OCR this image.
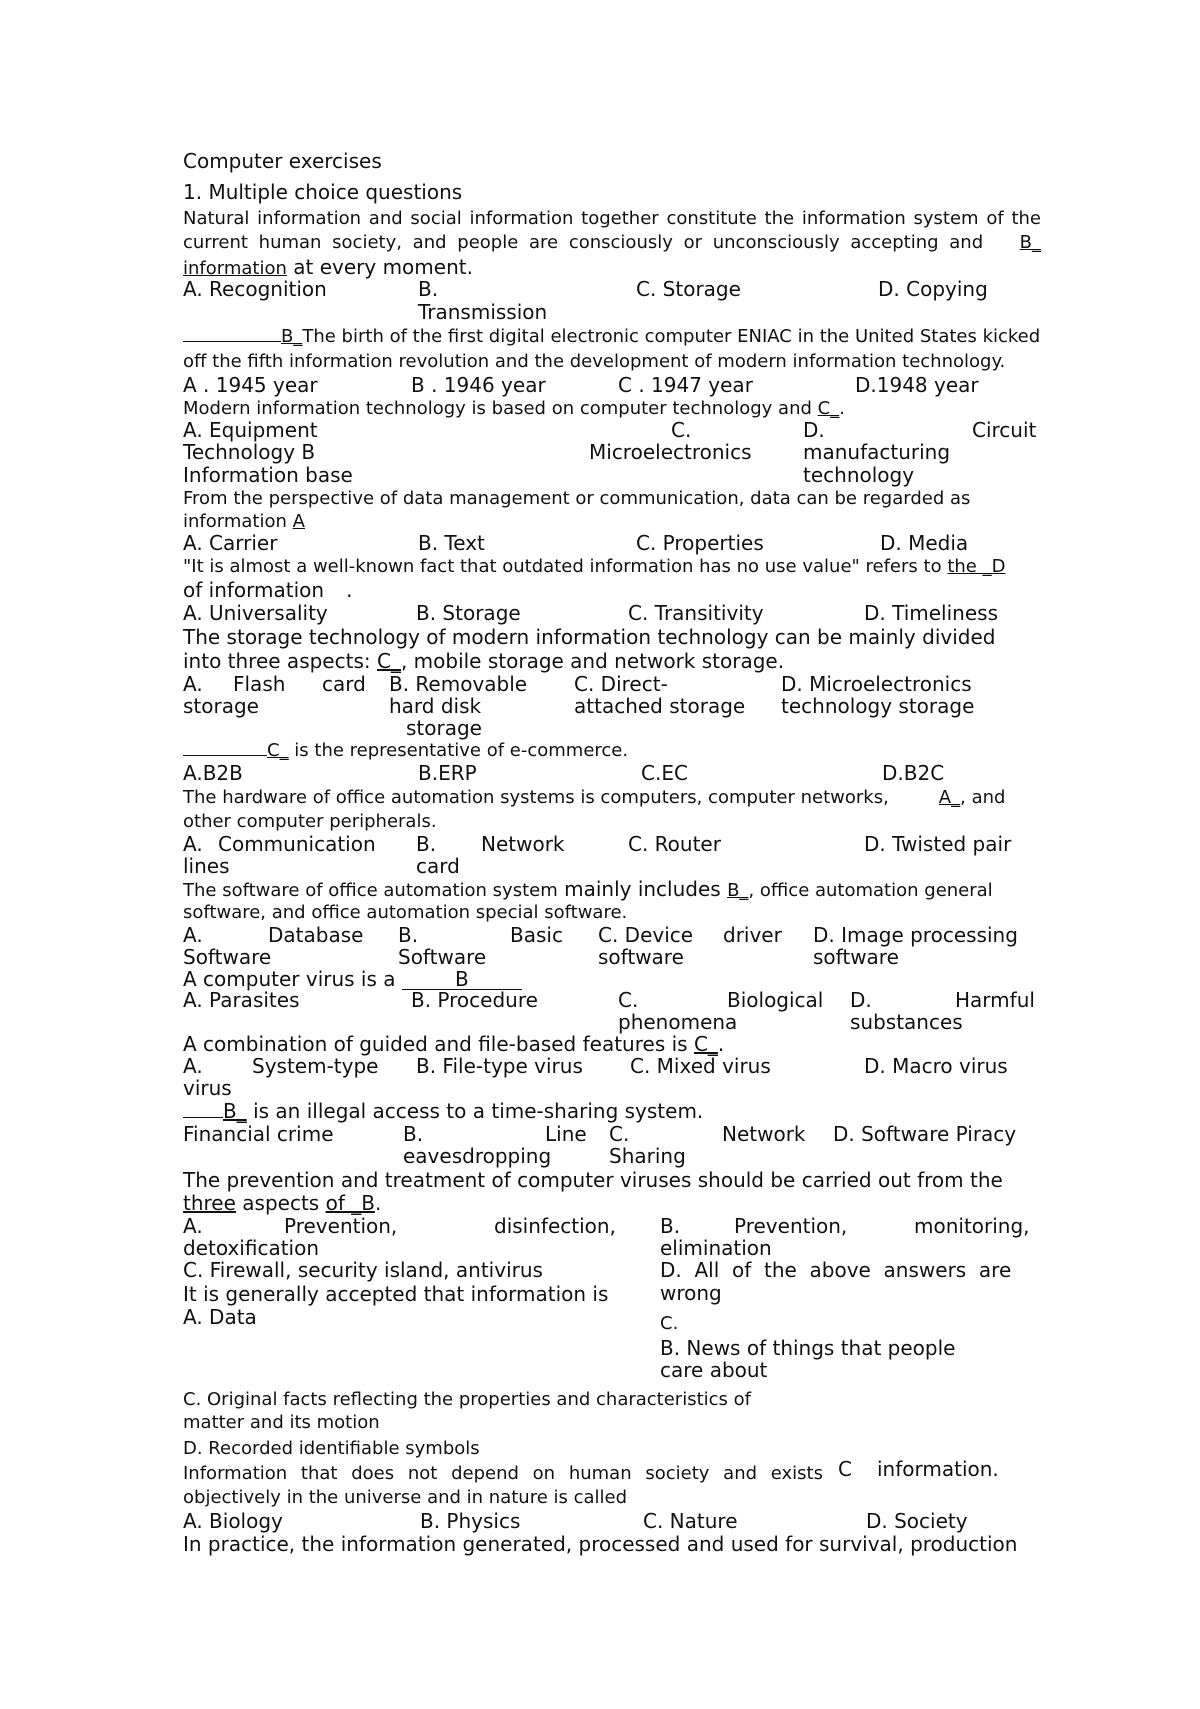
Computer exercises
1. Multiple choice questions
Natural information and social information together constitute the information system of the
current human society, and people are consciously or unconsciously accepting and B_
information at every moment.
A. Recognition	B.
Transmission
C. Storage	D. Copying
B_The birth of the first digital electronic computer ENIAC in the United States kicked
off the fifth information revolution and the development of modern information technology.
A . 1945 year	B . 1946 year	C . 1947 year	D.1948 year
Modern information technology is based on computer technology and C_.
A. Equipment
Technology B
Information base
C.
Microelectronics
D.	Circuit
manufacturing
technology
From the perspective of data management or communication, data can be regarded as
information A
A. Carrier	B. Text	C. Properties	D. Media
"It is almost a well-known fact that outdated information has no use value" refers to the _D
of information .
A. Universality	B. Storage	C. Transitivity	D. Timeliness
The storage technology of modern information technology can be mainly divided
into three aspects: C_, mobile storage and network storage.
A. Flash card
storage
B. Removable
hard disk
storage
C. Direct-
attached storage
D. Microelectronics
technology storage
C_ is the representative of e-commerce.
A.B2B	B.ERP	C.EC	D.B2C
The hardware of office automation systems is computers, computer networks,	A_, and
other computer peripherals.
A. Communication
lines
B. Network
card
C. Router	D. Twisted pair
The software of office automation system mainly includes B_, office automation general
software, and office automation special software.
A.	Database
Software
B.	Basic
Software
C. Device driver
software
D. Image processing
software
A computer virus is a	B
A. Parasites	B. Procedure	C.	Biological
phenomena
D.	Harmful
substances
A combination of guided and file-based features is C_.
A. System-type
virus
B. File-type virus C. Mixed virus	D. Macro virus
B_ is an illegal access to a time-sharing system.
Financial crime	B.	Line
eavesdropping
C.	Network
Sharing
D. Software Piracy
The prevention and treatment of computer viruses should be carried out from the
three aspects of _B.
A.	Prevention,	disinfection,
detoxification
B.	Prevention,	monitoring,
elimination
C. Firewall, security island, antivirus	D.  All  of  the  above  answers  are
wrong
It is generally accepted that information is
C.
A. Data
B. News of things that people
care about
C. Original facts reflecting the properties and characteristics of
matter and its motion
D. Recorded identifiable symbols
Information that does not depend on human society and exists
objectively in the universe and in nature is called
C information.
A. Biology	B. Physics	C. Nature	D. Society
In practice, the information generated, processed and used for survival, production
